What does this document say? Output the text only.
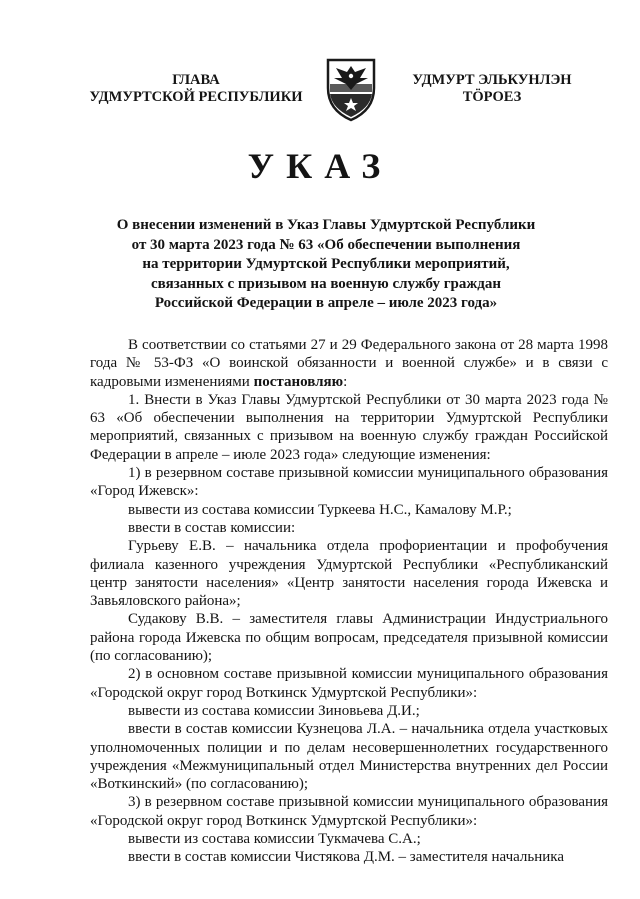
ГЛАВА
УДМУРТСКОЙ РЕСПУБЛИКИ
УДМУРТ ЭЛЬКУНЛЭН
ТÖРОЕЗ
УКАЗ
О внесении изменений в Указ Главы Удмуртской Республики
от 30 марта 2023 года № 63 «Об обеспечении выполнения
на территории Удмуртской Республики мероприятий,
связанных с призывом на военную службу граждан
Российской Федерации в апреле – июле 2023 года»

В соответствии со статьями 27 и 29 Федерального закона от 28 марта 1998 года № 53-ФЗ «О воинской обязанности и военной службе» и в связи с кадровыми изменениями постановляю:

1. Внести в Указ Главы Удмуртской Республики от 30 марта 2023 года № 63 «Об обеспечении выполнения на территории Удмуртской Республики мероприятий, связанных с призывом на военную службу граждан Российской Федерации в апреле – июле 2023 года» следующие изменения:

1) в резервном составе призывной комиссии муниципального образования «Город Ижевск»:

вывести из состава комиссии Туркеева Н.С., Камалову М.Р.;

ввести в состав комиссии:

Гурьеву Е.В. – начальника отдела профориентации и профобучения филиала казенного учреждения Удмуртской Республики «Республиканский центр занятости населения» «Центр занятости населения города Ижевска и Завьяловского района»;

Судакову В.В. – заместителя главы Администрации Индустриального района города Ижевска по общим вопросам, председателя призывной комиссии (по согласованию);

2) в основном составе призывной комиссии муниципального образования «Городской округ город Воткинск Удмуртской Республики»:

вывести из состава комиссии Зиновьева Д.И.;

ввести в состав комиссии Кузнецова Л.А. – начальника отдела участковых уполномоченных полиции и по делам несовершеннолетних государственного учреждения «Межмуниципальный отдел Министерства внутренних дел России «Воткинский» (по согласованию);

3) в резервном составе призывной комиссии муниципального образования «Городской округ город Воткинск Удмуртской Республики»:

вывести из состава комиссии Тукмачева С.А.;

ввести в состав комиссии Чистякова Д.М. – заместителя начальника
